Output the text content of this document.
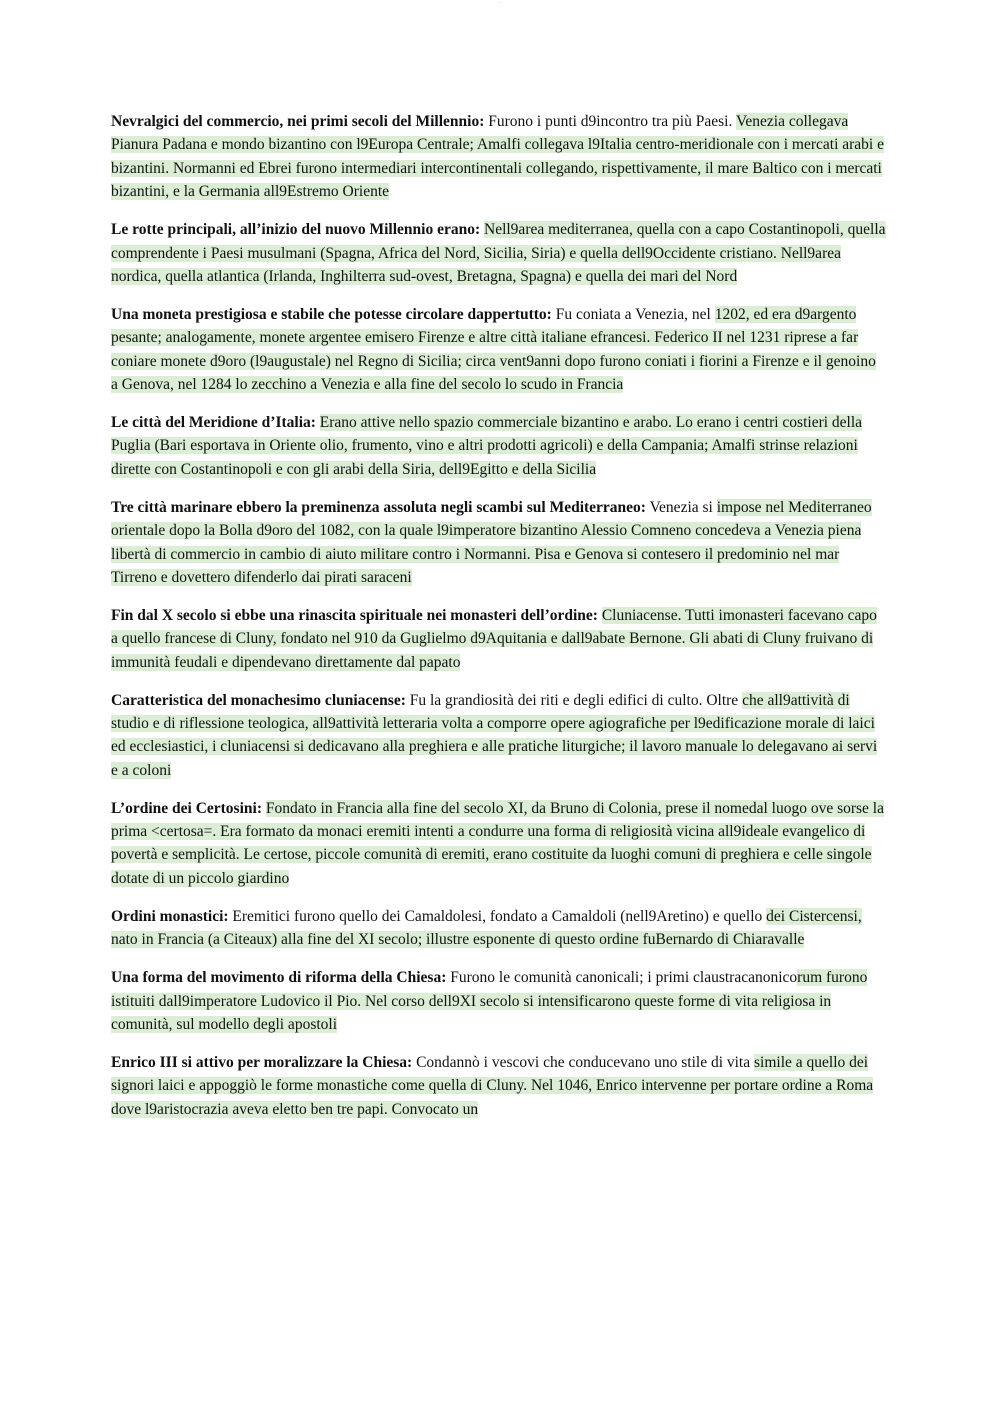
- - -

Nevralgici del commercio, nei primi secoli del Millennio: Furono i punti d9incontro tra più Paesi. Venezia collegava Pianura Padana e mondo bizantino con l9Europa Centrale; Amalfi collegava l9Italia centro-meridionale con i mercati arabi e bizantini. Normanni ed Ebrei furono intermediari intercontinentali collegando, rispettivamente, il mare Baltico con i mercati bizantini, e la Germania all9Estremo Oriente

Le rotte principali, all’inizio del nuovo Millennio erano: Nell9area mediterranea, quella con a capo Costantinopoli, quella comprendente i Paesi musulmani (Spagna, Africa del Nord, Sicilia, Siria) e quella dell9Occidente cristiano. Nell9area nordica, quella atlantica (Irlanda, Inghilterra sud-ovest, Bretagna, Spagna) e quella dei mari del Nord

Una moneta prestigiosa e stabile che potesse circolare dappertutto: Fu coniata a Venezia, nel 1202, ed era d9argento pesante; analogamente, monete argentee emisero Firenze e altre città italiane efrancesi. Federico II nel 1231 riprese a far coniare monete d9oro (l9augustale) nel Regno di Sicilia; circa vent9anni dopo furono coniati i fiorini a Firenze e il genoino a Genova, nel 1284 lo zecchino a Venezia e alla fine del secolo lo scudo in Francia

Le città del Meridione d’Italia: Erano attive nello spazio commerciale bizantino e arabo. Lo erano i centri costieri della Puglia (Bari esportava in Oriente olio, frumento, vino e altri prodotti agricoli) e della Campania; Amalfi strinse relazioni dirette con Costantinopoli e con gli arabi della Siria, dell9Egitto e della Sicilia

Tre città marinare ebbero la preminenza assoluta negli scambi sul Mediterraneo: Venezia si impose nel Mediterraneo orientale dopo la Bolla d9oro del 1082, con la quale l9imperatore bizantino Alessio Comneno concedeva a Venezia piena libertà di commercio in cambio di aiuto militare contro i Normanni. Pisa e Genova si contesero il predominio nel mar Tirreno e dovettero difenderlo dai pirati saraceni

Fin dal X secolo si ebbe una rinascita spirituale nei monasteri dell’ordine: Cluniacense. Tutti imonasteri facevano capo a quello francese di Cluny, fondato nel 910 da Guglielmo d9Aquitania e dall9abate Bernone. Gli abati di Cluny fruivano di immunità feudali e dipendevano direttamente dal papato

Caratteristica del monachesimo cluniacense: Fu la grandiosità dei riti e degli edifici di culto. Oltre che all9attività di studio e di riflessione teologica, all9attività letteraria volta a comporre opere agiografiche per l9edificazione morale di laici ed ecclesiastici, i cluniacensi si dedicavano alla preghiera e alle pratiche liturgiche; il lavoro manuale lo delegavano ai servi e a coloni

L’ordine dei Certosini: Fondato in Francia alla fine del secolo XI, da Bruno di Colonia, prese il nomedal luogo ove sorse la prima <certosa=. Era formato da monaci eremiti intenti a condurre una forma di religiosità vicina all9ideale evangelico di povertà e semplicità. Le certose, piccole comunità di eremiti, erano costituite da luoghi comuni di preghiera e celle singole dotate di un piccolo giardino

Ordini monastici: Eremitici furono quello dei Camaldolesi, fondato a Camaldoli (nell9Aretino) e quello dei Cistercensi, nato in Francia (a Citeaux) alla fine del XI secolo; illustre esponente di questo ordine fuBernardo di Chiaravalle

Una forma del movimento di riforma della Chiesa: Furono le comunità canonicali; i primi claustracanonicorum furono istituiti dall9imperatore Ludovico il Pio. Nel corso dell9XI secolo si intensificarono queste forme di vita religiosa in comunità, sul modello degli apostoli

Enrico III si attivo per moralizzare la Chiesa: Condannò i vescovi che conducevano uno stile di vita simile a quello dei signori laici e appoggiò le forme monastiche come quella di Cluny. Nel 1046, Enrico intervenne per portare ordine a Roma dove l9aristocrazia aveva eletto ben tre papi. Convocato un
